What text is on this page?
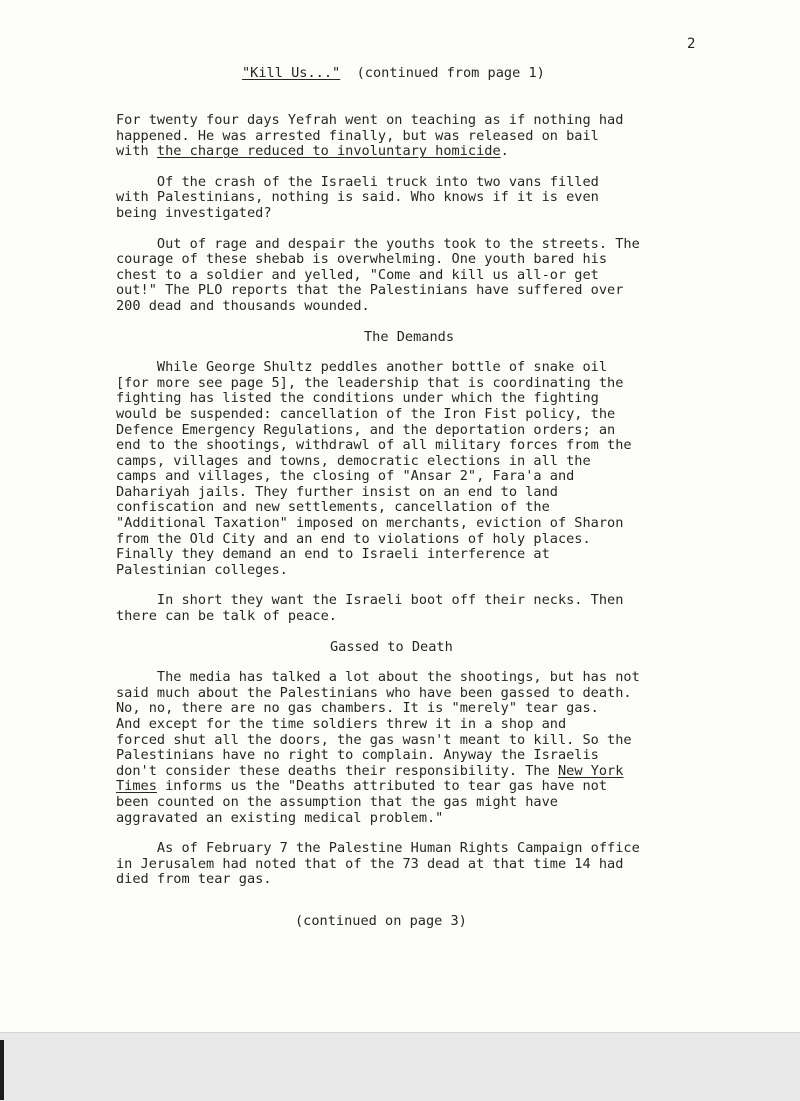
2
"Kill Us..." (continued from page 1)
For twenty four days Yefrah went on teaching as if nothing had
happened. He was arrested finally, but was released on bail
with the charge reduced to involuntary homicide.
Of the crash of the Israeli truck into two vans filled
with Palestinians, nothing is said. Who knows if it is even
being investigated?
Out of rage and despair the youths took to the streets. The
courage of these shebab is overwhelming. One youth bared his
chest to a soldier and yelled, "Come and kill us all-or get
out!" The PLO reports that the Palestinians have suffered over
200 dead and thousands wounded.
The Demands
While George Shultz peddles another bottle of snake oil
[for more see page 5], the leadership that is coordinating the
fighting has listed the conditions under which the fighting
would be suspended: cancellation of the Iron Fist policy, the
Defence Emergency Regulations, and the deportation orders; an
end to the shootings, withdrawl of all military forces from the
camps, villages and towns, democratic elections in all the
camps and villages, the closing of "Ansar 2", Fara'a and
Dahariyah jails. They further insist on an end to land
confiscation and new settlements, cancellation of the
"Additional Taxation" imposed on merchants, eviction of Sharon
from the Old City and an end to violations of holy places.
Finally they demand an end to Israeli interference at
Palestinian colleges.
In short they want the Israeli boot off their necks. Then
there can be talk of peace.
Gassed to Death
The media has talked a lot about the shootings, but has not
said much about the Palestinians who have been gassed to death.
No, no, there are no gas chambers. It is "merely" tear gas.
And except for the time soldiers threw it in a shop and
forced shut all the doors, the gas wasn't meant to kill. So the
Palestinians have no right to complain. Anyway the Israelis
don't consider these deaths their responsibility. The New York
Times informs us the "Deaths attributed to tear gas have not
been counted on the assumption that the gas might have
aggravated an existing medical problem."
As of February 7 the Palestine Human Rights Campaign office
in Jerusalem had noted that of the 73 dead at that time 14 had
died from tear gas.
(continued on page 3)
